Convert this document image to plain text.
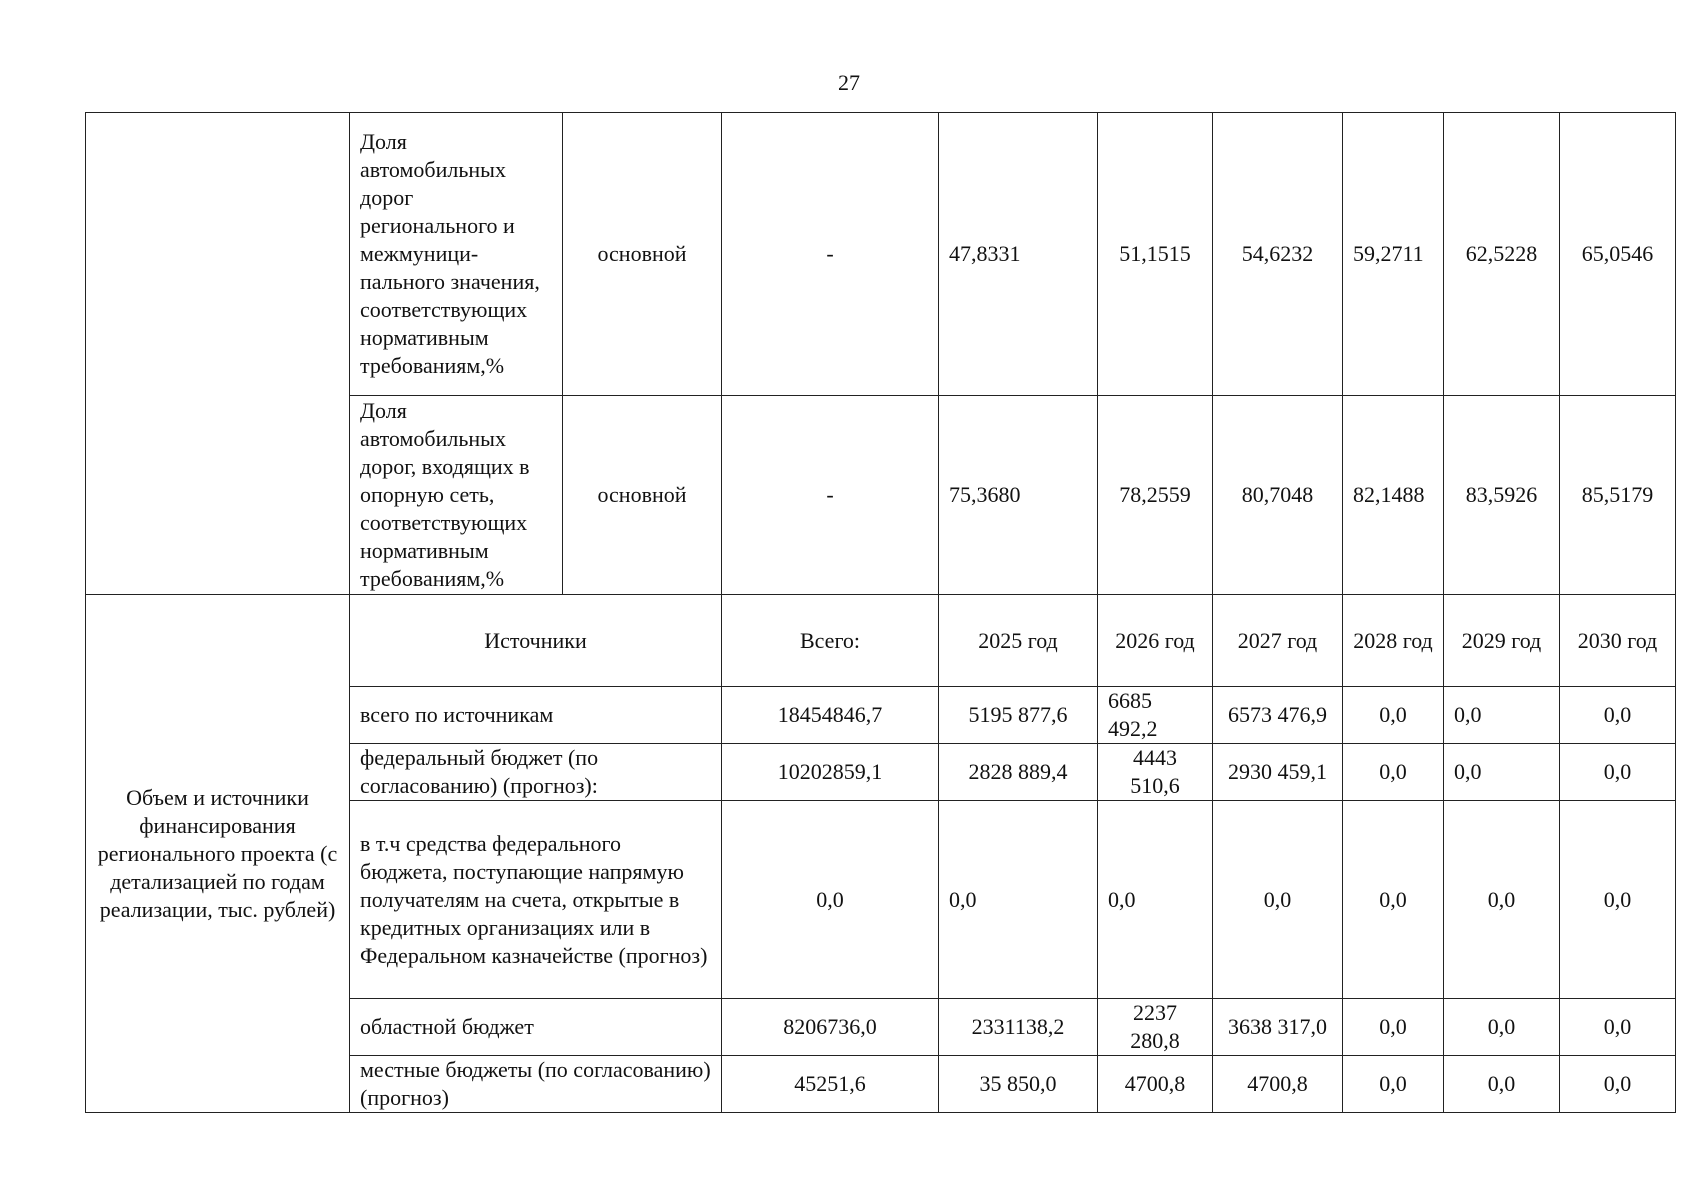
27
	Доля автомобильных дорог регионального и межмуници-пального значения, соответствующих нормативным требованиям,%	основной	-	47,8331	51,1515	54,6232	59,2711	62,5228	65,0546
	Доля автомобильных дорог, входящих в опорную сеть, соответствующих нормативным требованиям,%	основной	-	75,3680	78,2559	80,7048	82,1488	83,5926	85,5179
Объем и источники финансирования регионального проекта (с детализацией по годам реализации, тыс. рублей)	Источники		Всего:	2025 год	2026 год	2027 год	2028 год	2029 год	2030 год
	всего по источникам		18454846,7	5195 877,6	6685 492,2	6573 476,9	0,0	0,0	0,0
	федеральный бюджет (по согласованию) (прогноз):		10202859,1	2828 889,4	4443 510,6	2930 459,1	0,0	0,0	0,0
	в т.ч средства федерального бюджета, поступающие напрямую получателям на счета, открытые в кредитных организациях или в Федеральном казначействе (прогноз)		0,0	0,0	0,0	0,0	0,0	0,0	0,0
	областной бюджет		8206736,0	2331138,2	2237 280,8	3638 317,0	0,0	0,0	0,0
	местные бюджеты (по согласованию) (прогноз)		45251,6	35 850,0	4700,8	4700,8	0,0	0,0	0,0
